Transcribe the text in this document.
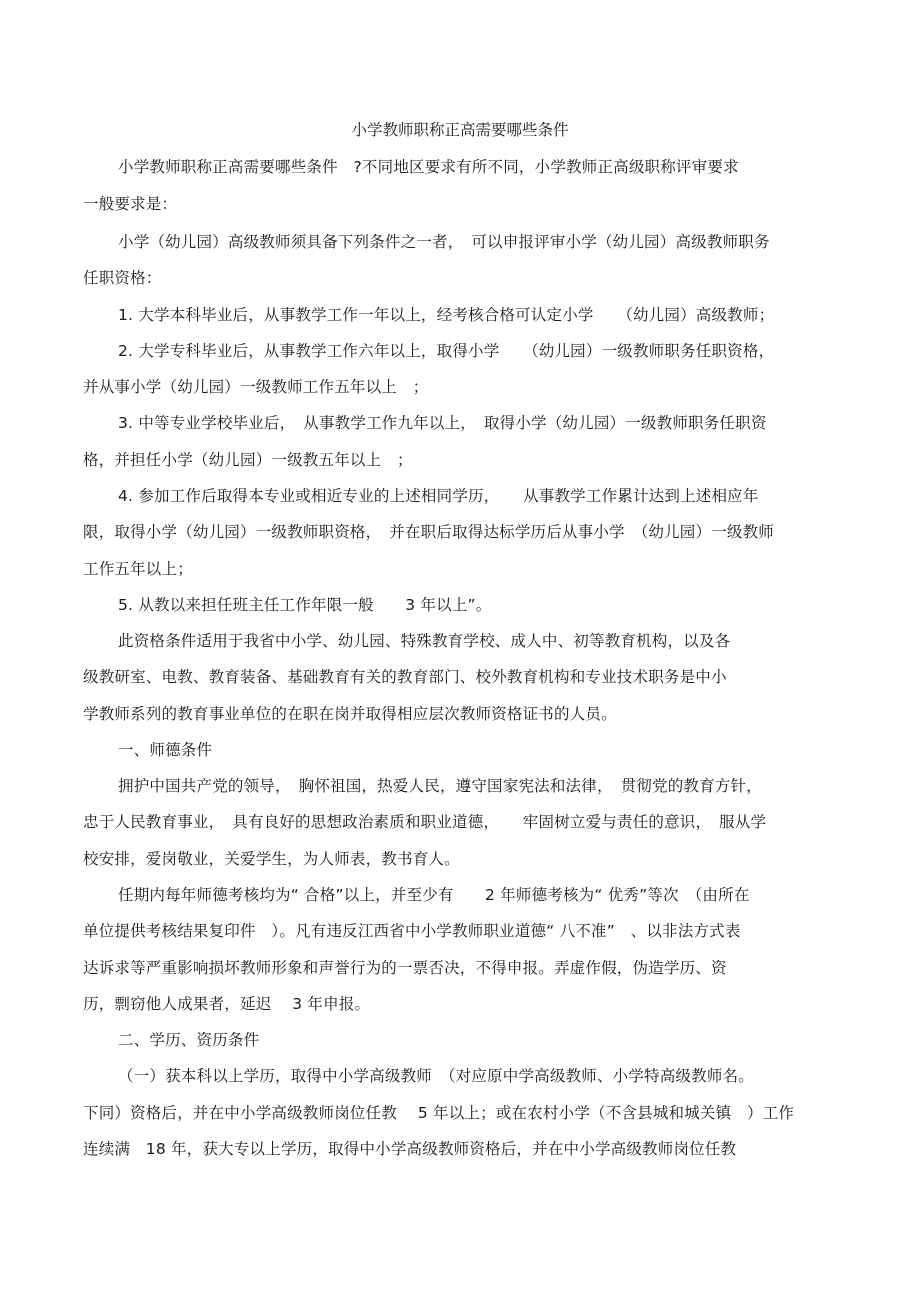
小学教师职称正高需要哪些条件
小学教师职称正高需要哪些条件　?不同地区要求有所不同，小学教师正高级职称评审要求
一般要求是：
小学（幼儿园）高级教师须具备下列条件之一者，　可以申报评审小学（幼儿园）高级教师职务
任职资格：
1. 大学本科毕业后，从事教学工作一年以上，经考核合格可认定小学　　（幼儿园）高级教师；
2. 大学专科毕业后，从事教学工作六年以上，取得小学　　（幼儿园）一级教师职务任职资格，
并从事小学（幼儿园）一级教师工作五年以上　；
3. 中等专业学校毕业后，　从事教学工作九年以上，　取得小学（幼儿园）一级教师职务任职资
格，并担任小学（幼儿园）一级教五年以上　；
4. 参加工作后取得本专业或相近专业的上述相同学历，　　从事教学工作累计达到上述相应年
限，取得小学（幼儿园）一级教师职资格，　并在职后取得达标学历后从事小学　（幼儿园）一级教师
工作五年以上；
5. 从教以来担任班主任工作年限一般　　3 年以上”。
此资格条件适用于我省中小学、幼儿园、特殊教育学校、成人中、初等教育机构，以及各
级教研室、电教、教育装备、基础教育有关的教育部门、校外教育机构和专业技术职务是中小
学教师系列的教育事业单位的在职在岗并取得相应层次教师资格证书的人员。
一、师德条件
拥护中国共产党的领导，　胸怀祖国，热爱人民，遵守国家宪法和法律，　贯彻党的教育方针，
忠于人民教育事业，　具有良好的思想政治素质和职业道德，　　牢固树立爱与责任的意识，　服从学
校安排，爱岗敬业，关爱学生，为人师表，教书育人。
任期内每年师德考核均为“ 合格”以上，并至少有　　2 年师德考核为“ 优秀”等次　（由所在
单位提供考核结果复印件　）。凡有违反江西省中小学教师职业道德“ 八不准”　、以非法方式表
达诉求等严重影响损坏教师形象和声誉行为的一票否决，不得申报。弄虚作假，伪造学历、资
历，剽窃他人成果者，延迟　 3 年申报。
二、学历、资历条件
（一）获本科以上学历，取得中小学高级教师　（对应原中学高级教师、小学特高级教师名。
下同）资格后，并在中小学高级教师岗位任教　 5 年以上；或在农村小学（不含县城和城关镇　）工作
连续满　18 年，获大专以上学历，取得中小学高级教师资格后，并在中小学高级教师岗位任教
